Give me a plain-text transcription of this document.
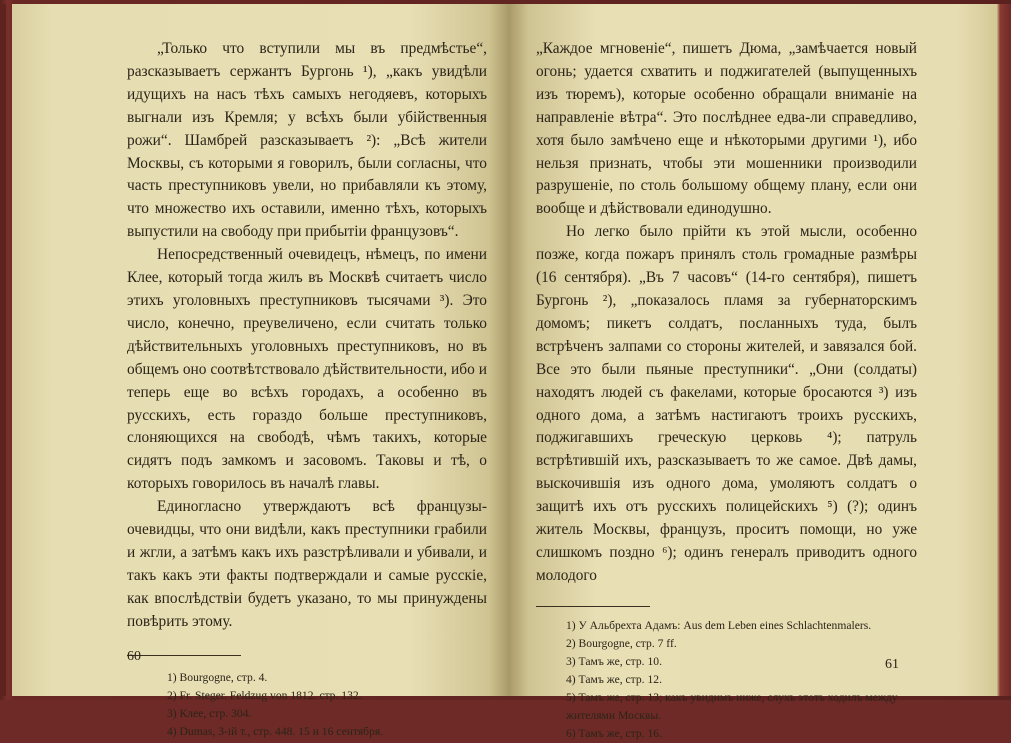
„Только что вступили мы въ предмѣстье“, разсказываетъ сержантъ Бургонь ¹), „какъ увидѣли идущихъ на насъ тѣхъ самыхъ негодяевъ, которыхъ выгнали изъ Кремля; у всѣхъ были убійственныя рожи“. Шамбрей разсказываетъ ²): „Всѣ жители Москвы, съ которыми я говорилъ, были согласны, что часть преступниковъ увели, но прибавляли къ этому, что множество ихъ оставили, именно тѣхъ, которыхъ выпустили на свободу при прибытіи французовъ“.

Непосредственный очевидецъ, нѣмецъ, по имени Клее, который тогда жилъ въ Москвѣ считаетъ число этихъ уголовныхъ преступниковъ тысячами ³). Это число, конечно, преувеличено, если считать только дѣйствительныхъ уголовныхъ преступниковъ, но въ общемъ оно соотвѣтствовало дѣйствительности, ибо и теперь еще во всѣхъ городахъ, а особенно въ русскихъ, есть гораздо больше преступниковъ, слоняющихся на свободѣ, чѣмъ такихъ, которые сидятъ подъ замкомъ и засовомъ. Таковы и тѣ, о которыхъ говорилось въ началѣ главы.

Единогласно утверждаютъ всѣ французы-очевидцы, что они видѣли, какъ преступники грабили и жгли, а затѣмъ какъ ихъ разстрѣливали и убивали, и такъ какъ эти факты подтверждали и самые русскіе, как впослѣдствіи будетъ указано, то мы принуждены повѣрить этому.

1) Bourgogne, стр. 4.

2) Fr. Steger. Feldzug von 1812. стр. 132.

3) Клее, стр. 304.

4) Dumas, 3-iй т., стр. 448. 15 и 16 сентября.

60

„Каждое мгновеніе“, пишетъ Дюма, „замѣчается новый огонь; удается схватить и поджигателей (выпущенныхъ изъ тюремъ), которые особенно обращали вниманіе на направленіе вѣтра“. Это послѣднее едва-ли справедливо, хотя было замѣчено еще и нѣкоторыми другими ¹), ибо нельзя признать, чтобы эти мошенники производили разрушеніе, по столь большому общему плану, если они вообще и дѣйствовали единодушно.

Но легко было прійти къ этой мысли, особенно позже, когда пожаръ принялъ столь громадные размѣры (16 сентября). „Въ 7 часовъ“ (14-го сентября), пишетъ Бургонь ²), „показалось пламя за губернаторскимъ домомъ; пикетъ солдатъ, посланныхъ туда, былъ встрѣченъ залпами со стороны жителей, и завязался бой. Все это были пьяные преступники“. „Они (солдаты) находятъ людей съ факелами, которые бросаются ³) изъ одного дома, а затѣмъ настигаютъ троихъ русскихъ, поджигавшихъ греческую церковь ⁴); патруль встрѣтившій ихъ, разсказываетъ то же самое. Двѣ дамы, выскочившія изъ одного дома, умоляютъ солдатъ о защитѣ ихъ отъ русскихъ полицейскихъ ⁵) (?); одинъ житель Москвы, французъ, проситъ помощи, но уже слишкомъ поздно ⁶); одинъ генералъ приводитъ одного молодого

1) У Альбрехта Адамъ: Aus dem Leben eines Schlachtenmalers.

2) Bourgogne, стр. 7 ff.

3) Тамъ же, стр. 10.

4) Тамъ же, стр. 12.

5) Тамъ же, стр. 13; какъ увидимъ ниже, слухъ этотъ ходилъ между жителями Москвы.

6) Тамъ же, стр. 16.

61
